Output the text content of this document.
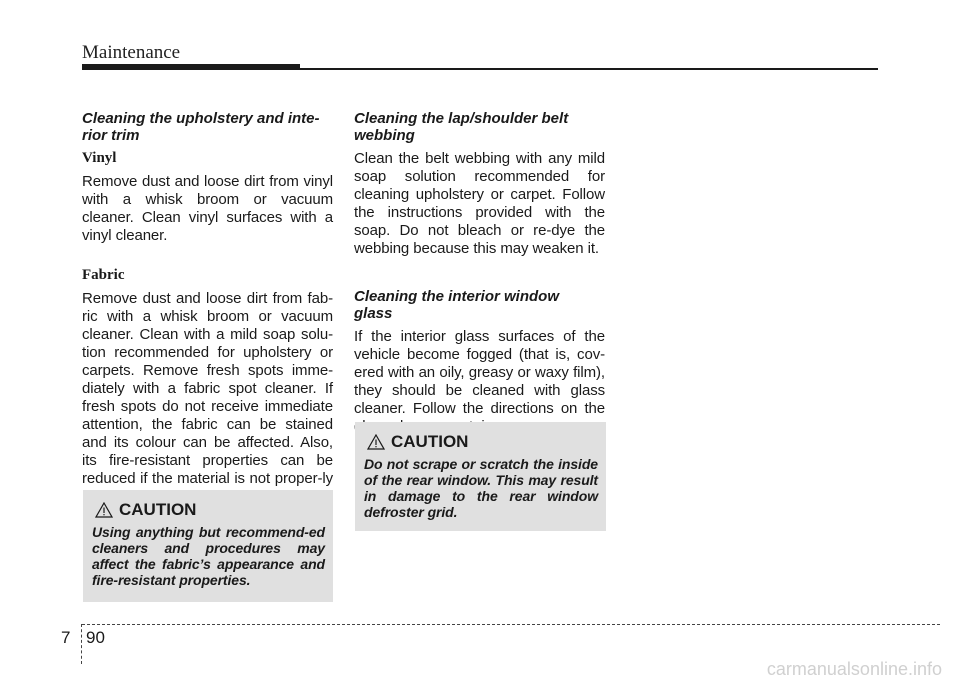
Maintenance
Cleaning the upholstery and inte-
rior trim
Vinyl

Remove dust and loose dirt from vinyl with a whisk broom or vacuum cleaner. Clean vinyl surfaces with a vinyl cleaner.

Fabric

Remove dust and loose dirt from fab-ric with a whisk broom or vacuum cleaner. Clean with a mild soap solu-tion recommended for upholstery or carpets. Remove fresh spots imme-diately with a fabric spot cleaner. If fresh spots do not receive immediate attention, the fabric can be stained and its colour can be affected. Also, its fire-resistant properties can be reduced if the material is not proper-ly

CAUTION

Using anything but recommend-ed cleaners and procedures may affect the fabric’s appearance and fire-resistant properties.

Cleaning the lap/shoulder belt
webbing

Clean the belt webbing with any mild soap solution recommended for cleaning upholstery or carpet. Follow the instructions provided with the soap. Do not bleach or re-dye the webbing because this may weaken it.

Cleaning the interior window
glass

If the interior glass surfaces of the vehicle become fogged (that is, cov-ered with an oily, greasy or waxy film), they should be cleaned with glass cleaner. Follow the directions on the

CAUTION

Do not scrape or scratch the inside of the rear window. This may result in damage to the rear window defroster grid.

7 90
carmanualsonline.info
